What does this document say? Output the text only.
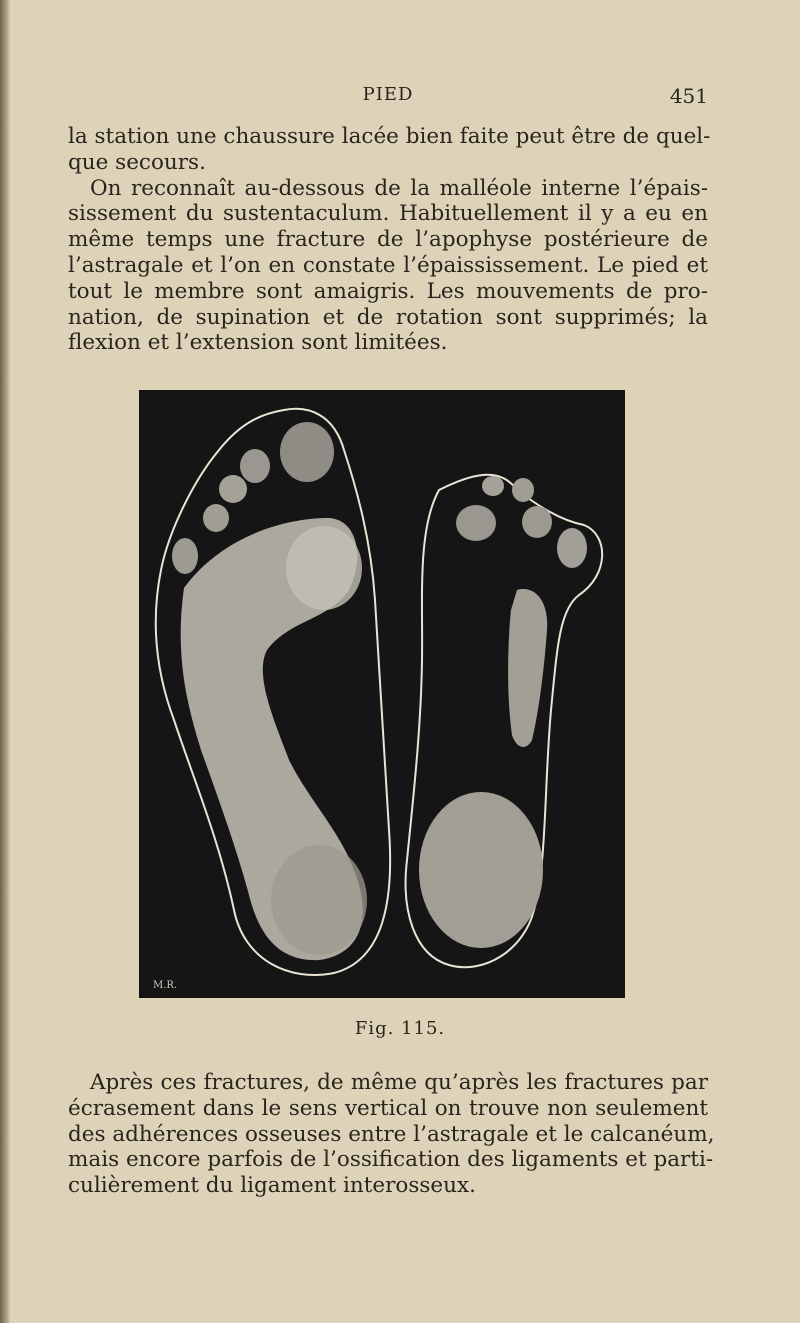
PIED	451
la station une chaussure lacée bien faite peut être de quel-
que secours.
On reconnaît au-dessous de la malléole interne l’épais-
sissement du sustentaculum. Habituellement il y a eu en
même temps une fracture de l’apophyse postérieure de
l’astragale et l’on en constate l’épaississement. Le pied et
tout le membre sont amaigris. Les mouvements de pro-
nation, de supination et de rotation sont supprimés; la
flexion et l’extension sont limitées.
M.R.
Fig. 115.
Après ces fractures, de même qu’après les fractures par
écrasement dans le sens vertical on trouve non seulement
des adhérences osseuses entre l’astragale et le calcanéum,
mais encore parfois de l’ossification des ligaments et parti-
culièrement du ligament interosseux.
